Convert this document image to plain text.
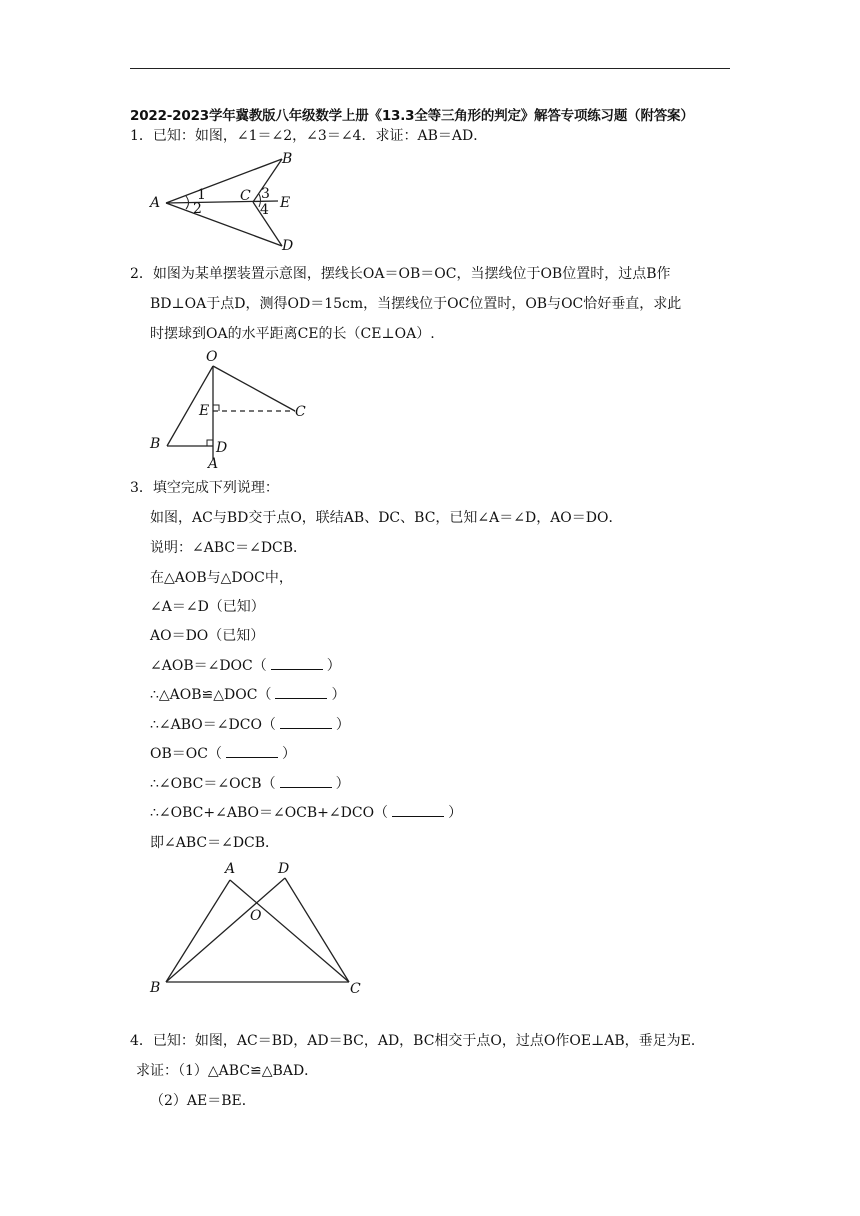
2022-2023学年冀教版八年级数学上册《13.3全等三角形的判定》解答专项练习题（附答案）
1．已知：如图，∠1＝∠2，∠3＝∠4．求证：AB＝AD．
A
B
C E
D
1
2
3
4
2．如图为某单摆装置示意图，摆线长OA＝OB＝OC，当摆线位于OB位置时，过点B作
BD⊥OA于点D，测得OD＝15cm，当摆线位于OC位置时，OB与OC恰好垂直，求此
时摆球到OA的水平距离CE的长（CE⊥OA）.
O
E	C
B	D
A
3．填空完成下列说理：
如图，AC与BD交于点O，联结AB、DC、BC，已知∠A＝∠D，AO＝DO．
说明：∠ABC＝∠DCB．
在△AOB与△DOC中，
∠A＝∠D（已知）
AO＝DO（已知）
∠AOB＝∠DOC（	）
∴△AOB≌△DOC（	）
∴∠ABO＝∠DCO（	）
OB＝OC（	）
∴∠OBC＝∠OCB（	）
∴∠OBC+∠ABO＝∠OCB+∠DCO（	）
即∠ABC＝∠DCB．
A	D
O
B	C
4．已知：如图，AC＝BD，AD＝BC，AD，BC相交于点O，过点O作OE⊥AB，垂足为E．
求证：（1）△ABC≌△BAD．
（2）AE＝BE．
